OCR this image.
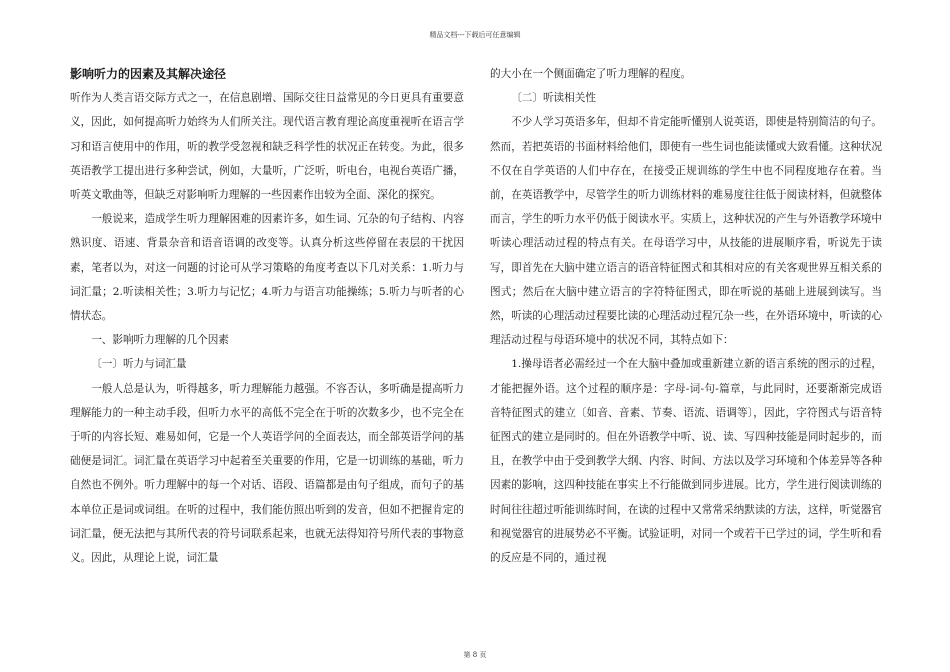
精品文档---下载后可任意编辑
影响听力的因素及其解决途径

听作为人类言语交际方式之一，在信息剧增、国际交往日益常见的今日更具有重要意义，因此，如何提高听力始终为人们所关注。现代语言教育理论高度重视听在语言学习和语言使用中的作用，听的教学受忽视和缺乏科学性的状况正在转变。为此，很多英语教学工提出进行多种尝试，例如，大量听，广泛听，听电台，电视台英语广播，听英文歌曲等，但缺乏对影响听力理解的一些因素作出较为全面、深化的探究。

一般说来，造成学生听力理解困难的因素许多，如生词、冗杂的句子结构、内容熟识度、语速、背景杂音和语音语调的改变等。认真分析这些停留在表层的干扰因素，笔者以为，对这一问题的讨论可从学习策略的角度考查以下几对关系：1.听力与词汇量；2.听读相关性；3.听力与记忆；4.听力与语言功能操练；5.听力与听者的心情状态。

一、影响听力理解的几个因素

〔一〕听力与词汇量

一般人总是认为，听得越多，听力理解能力越强。不容否认，多听确是提高听力理解能力的一种主动手段，但听力水平的高低不完全在于听的次数多少，也不完全在于听的内容长短、难易如何，它是一个人英语学问的全面表达，而全部英语学问的基础便是词汇。词汇量在英语学习中起着至关重要的作用，它是一切训练的基础，听力自然也不例外。听力理解中的每一个对话、语段、语篇都是由句子组成，而句子的基本单位正是词或词组。在听的过程中，我们能仿照出听到的发音，但如不把握肯定的词汇量，便无法把与其所代表的符号词联系起来，也就无法得知符号所代表的事物意义。因此，从理论上说，词汇量

的大小在一个侧面确定了听力理解的程度。

〔二〕听读相关性

不少人学习英语多年，但却不肯定能听懂别人说英语，即使是特别简洁的句子。然而，若把英语的书面材料给他们，即使有一些生词也能读懂或大致看懂。这种状况不仅在自学英语的人们中存在，在接受正规训练的学生中也不同程度地存在着。当前，在英语教学中，尽管学生的听力训练材料的难易度往往低于阅读材料，但就整体而言，学生的听力水平仍低于阅读水平。实质上，这种状况的产生与外语教学环境中听读心理活动过程的特点有关。在母语学习中，从技能的进展顺序看，听说先于读写，即首先在大脑中建立语言的语音特征图式和其相对应的有关客观世界互相关系的图式；然后在大脑中建立语言的字符特征图式，即在听说的基础上进展到读写。当然，听读的心理活动过程要比读的心理活动过程冗杂一些，在外语环境中，听读的心理活动过程与母语环境中的状况不同，其特点如下：

1.操母语者必需经过一个在大脑中叠加或重新建立新的语言系统的图示的过程，才能把握外语。这个过程的顺序是：字母-词-句-篇章，与此同时，还要渐渐完成语音特征图式的建立〔如音、音素、节奏、语流、语调等〕，因此，字符图式与语音特征图式的建立是同时的。但在外语教学中听、说、读、写四种技能是同时起步的，而且，在教学中由于受到教学大纲、内容、时间、方法以及学习环境和个体差异等各种因素的影响，这四种技能在事实上不行能做到同步进展。比方，学生进行阅读训练的时间往往超过听能训练时间，在读的过程中又常常采纳默读的方法，这样，听觉器官和视觉器官的进展势必不平衡。试验证明，对同一个或若干已学过的词，学生听和看的反应是不同的，通过视

第 8 页
